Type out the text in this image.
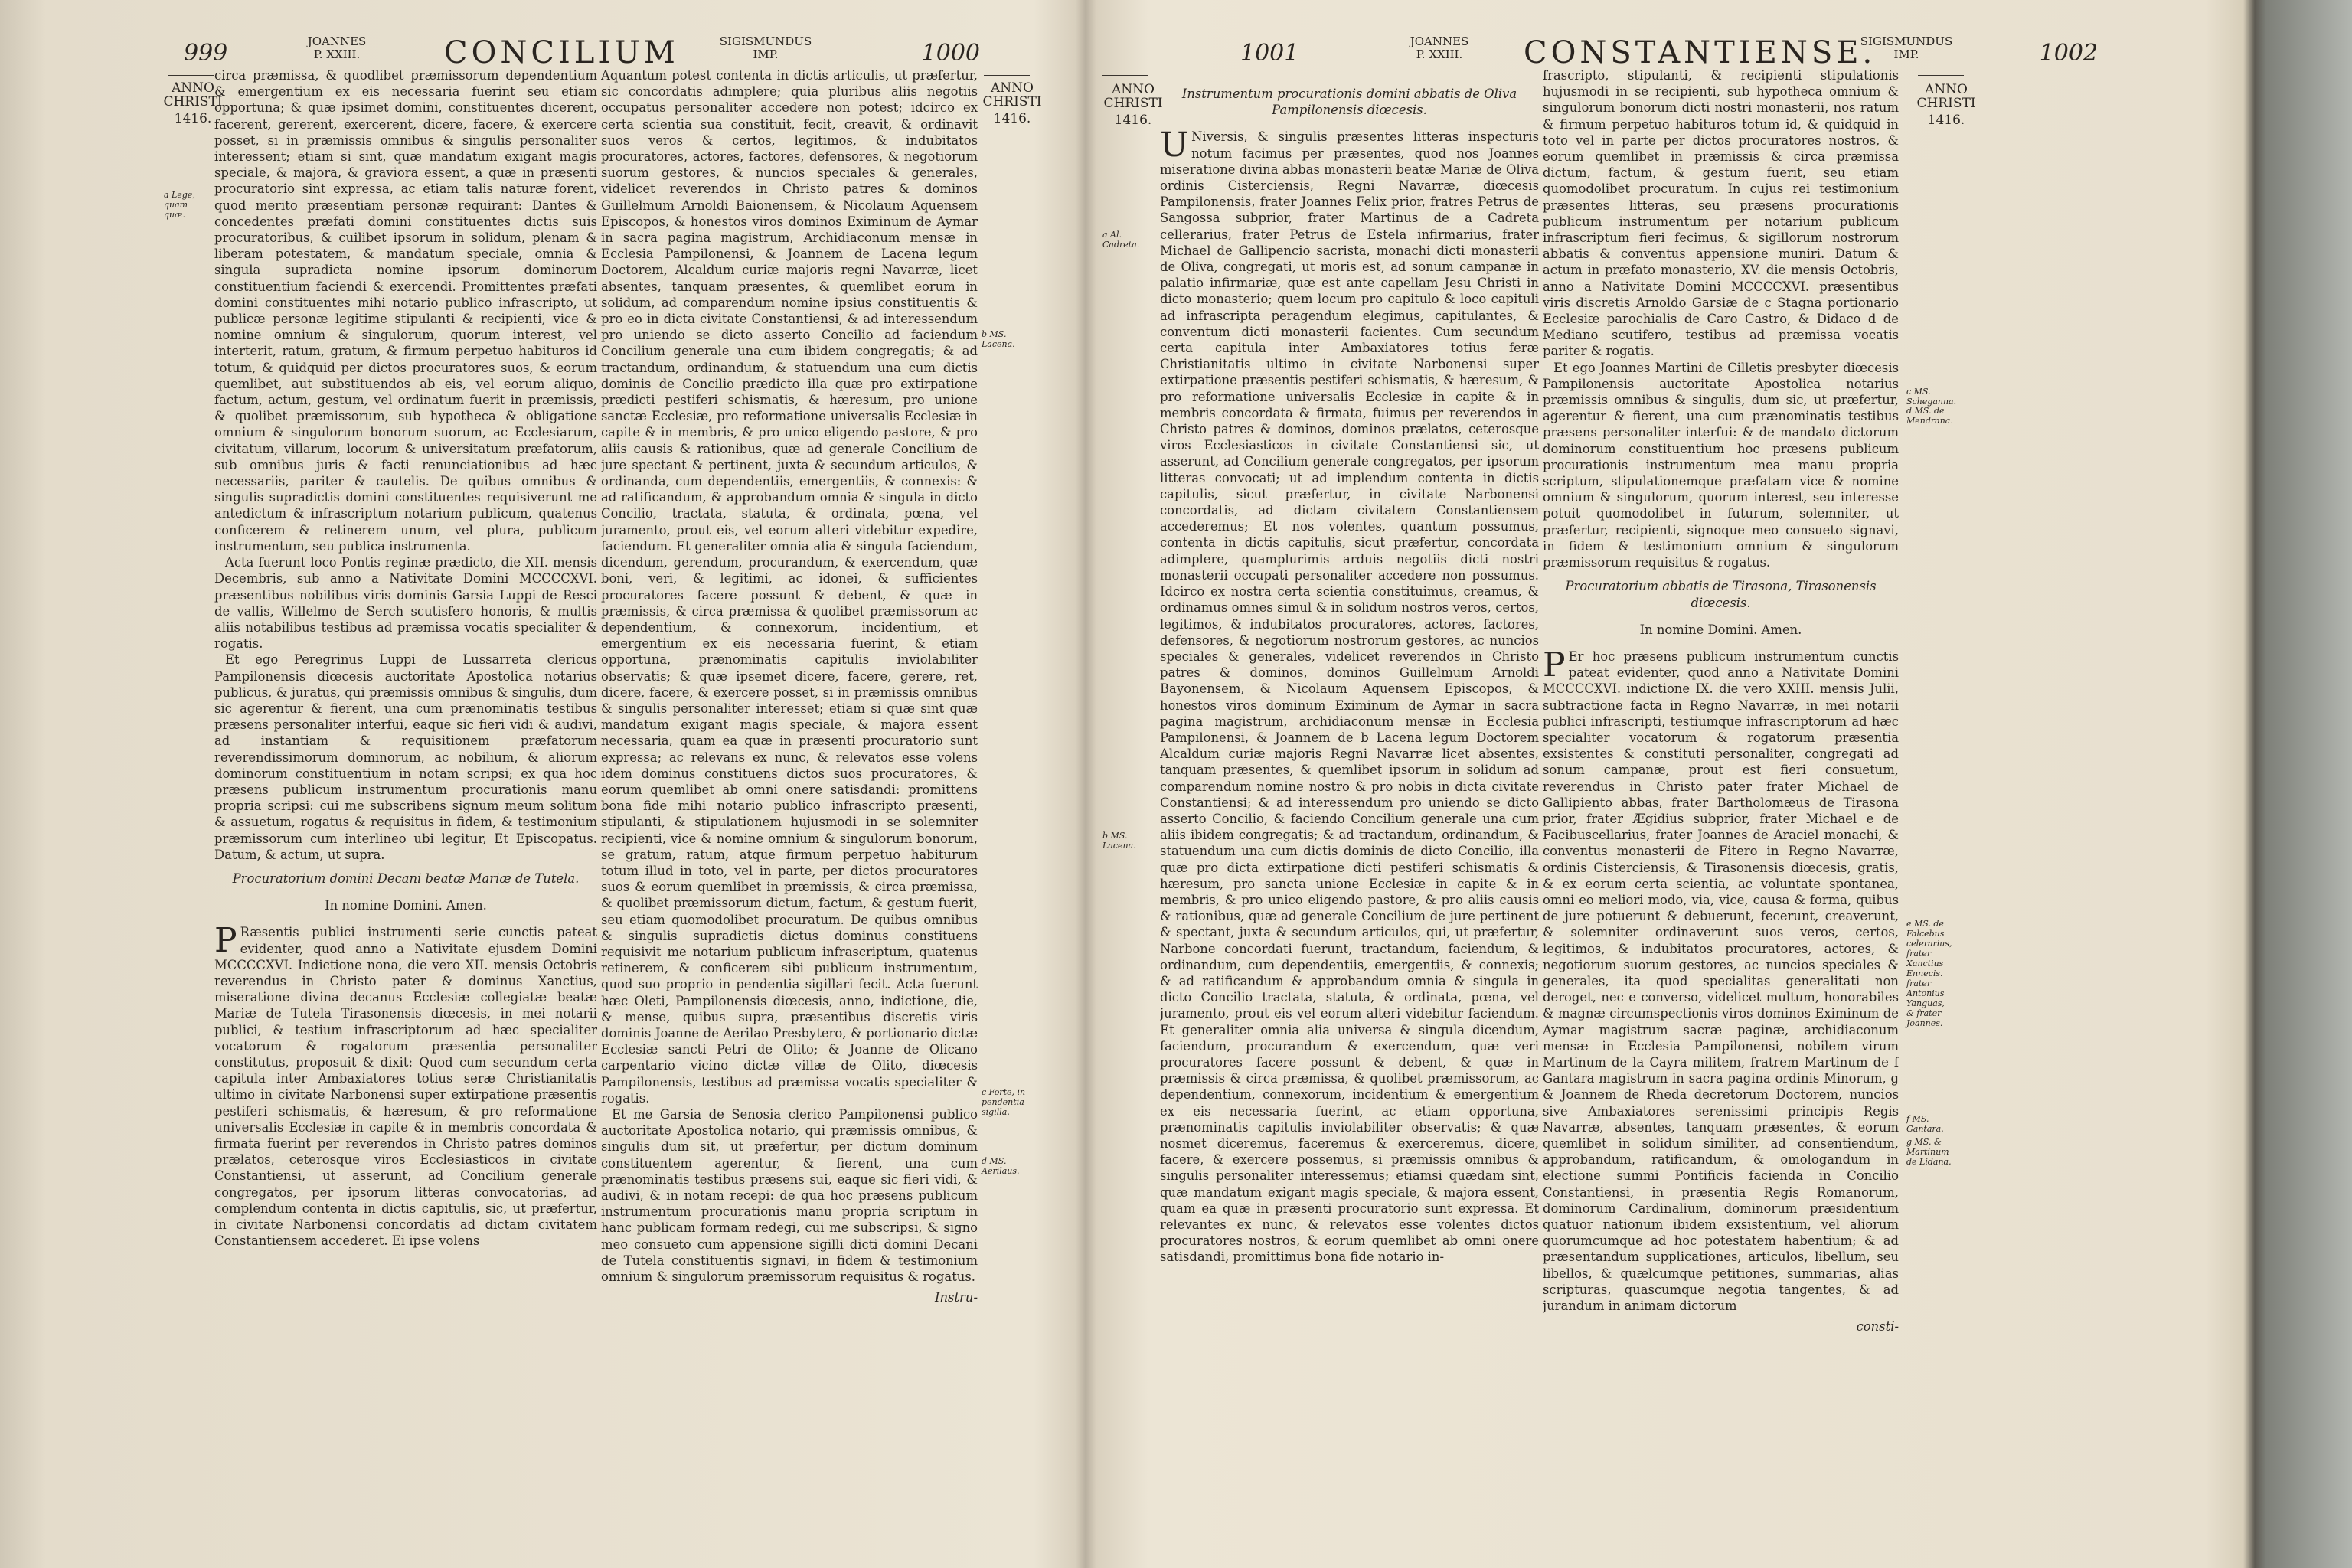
999	JOANNES
P. XXIII.	CONCILIUM	SIGISMUNDUS
IMP.	1000
ANNO
CHRISTI
1416.
ANNO
CHRISTI
1416.
a Lege, quam quæ.
b MS. Lacena.
c Forte, in pendentia sigilla.
d MS. Aerilaus.

circa præmissa, & quodlibet præmissorum dependentium & emergentium ex eis necessaria fuerint seu etiam opportuna; & quæ ipsimet domini, constituentes dicerent, facerent, gererent, exercerent, dicere, facere, & exercere posset, si in præmissis omnibus & singulis personaliter interessent; etiam si sint, quæ mandatum exigant magis speciale, & majora, & graviora essent, a quæ in præsenti procuratorio sint expressa, ac etiam talis naturæ forent, quod merito præsentiam personæ requirant: Dantes & concedentes præfati domini constituentes dictis suis procuratoribus, & cuilibet ipsorum in solidum, plenam & liberam potestatem, & mandatum speciale, omnia & singula supradicta nomine ipsorum dominorum constituentium faciendi & exercendi. Promittentes præfati domini constituentes mihi notario publico infrascripto, ut publicæ personæ legitime stipulanti & recipienti, vice & nomine omnium & singulorum, quorum interest, vel interterit, ratum, gratum, & firmum perpetuo habituros id totum, & quidquid per dictos procuratores suos, & eorum quemlibet, aut substituendos ab eis, vel eorum aliquo, factum, actum, gestum, vel ordinatum fuerit in præmissis, & quolibet præmissorum, sub hypotheca & obligatione omnium & singulorum bonorum suorum, ac Ecclesiarum, civitatum, villarum, locorum & universitatum præfatorum, sub omnibus juris & facti renunciationibus ad hæc necessariis, pariter & cautelis. De quibus omnibus & singulis supradictis domini constituentes requisiverunt me antedictum & infrascriptum notarium publicum, quatenus conficerem & retinerem unum, vel plura, publicum instrumentum, seu publica instrumenta.

Acta fuerunt loco Pontis reginæ prædicto, die XII. mensis Decembris, sub anno a Nativitate Domini MCCCCXVI. præsentibus nobilibus viris dominis Garsia Luppi de Resci de vallis, Willelmo de Serch scutisfero honoris, & multis aliis notabilibus testibus ad præmissa vocatis specialiter & rogatis.

Et ego Peregrinus Luppi de Lussarreta clericus Pampilonensis diœcesis auctoritate Apostolica notarius publicus, & juratus, qui præmissis omnibus & singulis, dum sic agerentur & fierent, una cum prænominatis testibus præsens personaliter interfui, eaque sic fieri vidi & audivi, ad instantiam & requisitionem præfatorum reverendissimorum dominorum, ac nobilium, & aliorum dominorum constituentium in notam scripsi; ex qua hoc præsens publicum instrumentum procurationis manu propria scripsi: cui me subscribens signum meum solitum & assuetum, rogatus & requisitus in fidem, & testimonium præmissorum cum interlineo ubi legitur, Et Episcopatus. Datum, & actum, ut supra.

Procuratorium domini Decani beatæ Mariæ de Tutela.
In nomine Domini. Amen.

P Ræsentis publici instrumenti serie cunctis pateat evidenter, quod anno a Nativitate ejusdem Domini MCCCCXVI. Indictione nona, die vero XII. mensis Octobris reverendus in Christo pater & dominus Xanctius, miseratione divina decanus Ecclesiæ collegiatæ beatæ Mariæ de Tutela Tirasonensis diœcesis, in mei notarii publici, & testium infrascriptorum ad hæc specialiter vocatorum & rogatorum præsentia personaliter constitutus, proposuit & dixit: Quod cum secundum certa capitula inter Ambaxiatores totius seræ Christianitatis ultimo in civitate Narbonensi super extirpatione præsentis pestiferi schismatis, & hæresum, & pro reformatione universalis Ecclesiæ in capite & in membris concordata & firmata fuerint per reverendos in Christo patres dominos prælatos, ceterosque viros Ecclesiasticos in civitate Constantiensi, ut asserunt, ad Concilium generale congregatos, per ipsorum litteras convocatorias, ad complendum contenta in dictis capitulis, sic, ut præfertur, in civitate Narbonensi concordatis ad dictam civitatem Constantiensem accederet. Ei ipse volens

Aquantum potest contenta in dictis articulis, ut præfertur, sic concordatis adimplere; quia pluribus aliis negotiis occupatus personaliter accedere non potest; idcirco ex certa scientia sua constituit, fecit, creavit, & ordinavit suos veros & certos, legitimos, & indubitatos procuratores, actores, factores, defensores, & negotiorum suorum gestores, & nuncios speciales & generales, videlicet reverendos in Christo patres & dominos Guillelmum Arnoldi Baionensem, & Nicolaum Aquensem Episcopos, & honestos viros dominos Eximinum de Aymar in sacra pagina magistrum, Archidiaconum mensæ in Ecclesia Pampilonensi, & Joannem de Lacena legum Doctorem, Alcaldum curiæ majoris regni Navarræ, licet absentes, tanquam præsentes, & quemlibet eorum in solidum, ad comparendum nomine ipsius constituentis & pro eo in dicta civitate Constantiensi, & ad interessendum pro uniendo se dicto asserto Concilio ad faciendum Concilium generale una cum ibidem congregatis; & ad tractandum, ordinandum, & statuendum una cum dictis dominis de Concilio prædicto illa quæ pro extirpatione prædicti pestiferi schismatis, & hæresum, pro unione sanctæ Ecclesiæ, pro reformatione universalis Ecclesiæ in capite & in membris, & pro unico eligendo pastore, & pro aliis causis & rationibus, quæ ad generale Concilium de jure spectant & pertinent, juxta & secundum articulos, & ordinanda, cum dependentiis, emergentiis, & connexis: & ad ratificandum, & approbandum omnia & singula in dicto Concilio, tractata, statuta, & ordinata, pœna, vel juramento, prout eis, vel eorum alteri videbitur expedire, faciendum. Et generaliter omnia alia & singula faciendum, dicendum, gerendum, procurandum, & exercendum, quæ boni, veri, & legitimi, ac idonei, & sufficientes procuratores facere possunt & debent, & quæ in præmissis, & circa præmissa & quolibet præmissorum ac dependentium, & connexorum, incidentium, et emergentium ex eis necessaria fuerint, & etiam opportuna, prænominatis capitulis inviolabiliter observatis; & quæ ipsemet dicere, facere, gerere, ret, dicere, facere, & exercere posset, si in præmissis omnibus & singulis personaliter interesset; etiam si quæ sint quæ mandatum exigant magis speciale, & majora essent necessaria, quam ea quæ in præsenti procuratorio sunt expressa; ac relevans ex nunc, & relevatos esse volens idem dominus constituens dictos suos procuratores, & eorum quemlibet ab omni onere satisdandi: promittens bona fide mihi notario publico infrascripto præsenti, stipulanti, & stipulationem hujusmodi in se solemniter recipienti, vice & nomine omnium & singulorum bonorum, se gratum, ratum, atque firmum perpetuo habiturum totum illud in toto, vel in parte, per dictos procuratores suos & eorum quemlibet in præmissis, & circa præmissa, & quolibet præmissorum dictum, factum, & gestum fuerit, seu etiam quomodolibet procuratum. De quibus omnibus & singulis supradictis dictus dominus constituens requisivit me notarium publicum infrascriptum, quatenus retinerem, & conficerem sibi publicum instrumentum, quod suo proprio in pendentia sigillari fecit. Acta fuerunt hæc Oleti, Pampilonensis diœcesis, anno, indictione, die, & mense, quibus supra, præsentibus discretis viris dominis Joanne de Aerilao Presbytero, & portionario dictæ Ecclesiæ sancti Petri de Olito; & Joanne de Olicano carpentario vicino dictæ villæ de Olito, diœcesis Pampilonensis, testibus ad præmissa vocatis specialiter & rogatis.

Et me Garsia de Senosia clerico Pampilonensi publico auctoritate Apostolica notario, qui præmissis omnibus, & singulis dum sit, ut præfertur, per dictum dominum constituentem agerentur, & fierent, una cum prænominatis testibus præsens sui, eaque sic fieri vidi, & audivi, & in notam recepi: de qua hoc præsens publicum instrumentum procurationis manu propria scriptum in hanc publicam formam redegi, cui me subscripsi, & signo meo consueto cum appensione sigilli dicti domini Decani de Tutela constituentis signavi, in fidem & testimonium omnium & singulorum præmissorum requisitus & rogatus.

Instru-
1001	JOANNES
P. XXIII.	CONSTANTIENSE.
SIGISMUNDUS
IMP.	1002
ANNO
CHRISTI
1416.
ANNO
CHRISTI
1416.
a Al. Cadreta.
b MS. Lacena.
c MS. Scheganna.
d MS. de Mendrana.
e MS. de Falcebus celerarius, frater Xanctius Ennecis. frater Antonius Yanguas, & frater Joannes.
f MS. Gantara.
g MS. & Martinum de Lidana.
Instrumentum procurationis domini abbatis de Oliva Pampilonensis diœcesis.

U Niversis, & singulis præsentes litteras inspecturis notum facimus per præsentes, quod nos Joannes miseratione divina abbas monasterii beatæ Mariæ de Oliva ordinis Cisterciensis, Regni Navarræ, diœcesis Pampilonensis, frater Joannes Felix prior, fratres Petrus de Sangossa subprior, frater Martinus de a Cadreta cellerarius, frater Petrus de Estela infirmarius, frater Michael de Gallipencio sacrista, monachi dicti monasterii de Oliva, congregati, ut moris est, ad sonum campanæ in palatio infirmariæ, quæ est ante capellam Jesu Christi in dicto monasterio; quem locum pro capitulo & loco capituli ad infrascripta peragendum elegimus, capitulantes, & conventum dicti monasterii facientes. Cum secundum certa capitula inter Ambaxiatores totius feræ Christianitatis ultimo in civitate Narbonensi super extirpatione præsentis pestiferi schismatis, & hæresum, & pro reformatione universalis Ecclesiæ in capite & in membris concordata & firmata, fuimus per reverendos in Christo patres & dominos, dominos prælatos, ceterosque viros Ecclesiasticos in civitate Constantiensi sic, ut asserunt, ad Concilium generale congregatos, per ipsorum litteras convocati; ut ad implendum contenta in dictis capitulis, sicut præfertur, in civitate Narbonensi concordatis, ad dictam civitatem Constantiensem accederemus; Et nos volentes, quantum possumus, contenta in dictis capitulis, sicut præfertur, concordata adimplere, quamplurimis arduis negotiis dicti nostri monasterii occupati personaliter accedere non possumus. Idcirco ex nostra certa scientia constituimus, creamus, & ordinamus omnes simul & in solidum nostros veros, certos, legitimos, & indubitatos procuratores, actores, factores, defensores, & negotiorum nostrorum gestores, ac nuncios speciales & generales, videlicet reverendos in Christo patres & dominos, dominos Guillelmum Arnoldi Bayonensem, & Nicolaum Aquensem Episcopos, & honestos viros dominum Eximinum de Aymar in sacra pagina magistrum, archidiaconum mensæ in Ecclesia Pampilonensi, & Joannem de b Lacena legum Doctorem Alcaldum curiæ majoris Regni Navarræ licet absentes, tanquam præsentes, & quemlibet ipsorum in solidum ad comparendum nomine nostro & pro nobis in dicta civitate Constantiensi; & ad interessendum pro uniendo se dicto asserto Concilio, & faciendo Concilium generale una cum aliis ibidem congregatis; & ad tractandum, ordinandum, & statuendum una cum dictis dominis de dicto Concilio, illa quæ pro dicta extirpatione dicti pestiferi schismatis & hæresum, pro sancta unione Ecclesiæ in capite & in membris, & pro unico eligendo pastore, & pro aliis causis & rationibus, quæ ad generale Concilium de jure pertinent & spectant, juxta & secundum articulos, qui, ut præfertur, Narbone concordati fuerunt, tractandum, faciendum, & ordinandum, cum dependentiis, emergentiis, & connexis; & ad ratificandum & approbandum omnia & singula in dicto Concilio tractata, statuta, & ordinata, pœna, vel juramento, prout eis vel eorum alteri videbitur faciendum. Et generaliter omnia alia universa & singula dicendum, faciendum, procurandum & exercendum, quæ veri procuratores facere possunt & debent, & quæ in præmissis & circa præmissa, & quolibet præmissorum, ac dependentium, connexorum, incidentium & emergentium ex eis necessaria fuerint, ac etiam opportuna, prænominatis capitulis inviolabiliter observatis; & quæ nosmet diceremus, faceremus & exerceremus, dicere, facere, & exercere possemus, si præmissis omnibus & singulis personaliter interessemus; etiamsi quædam sint, quæ mandatum exigant magis speciale, & majora essent, quam ea quæ in præsenti procuratorio sunt expressa. Et relevantes ex nunc, & relevatos esse volentes dictos procuratores nostros, & eorum quemlibet ab omni onere satisdandi, promittimus bona fide notario in-

frascripto, stipulanti, & recipienti stipulationis hujusmodi in se recipienti, sub hypotheca omnium & singulorum bonorum dicti nostri monasterii, nos ratum & firmum perpetuo habituros totum id, & quidquid in toto vel in parte per dictos procuratores nostros, & eorum quemlibet in præmissis & circa præmissa dictum, factum, & gestum fuerit, seu etiam quomodolibet procuratum. In cujus rei testimonium præsentes litteras, seu præsens procurationis publicum instrumentum per notarium publicum infrascriptum fieri fecimus, & sigillorum nostrorum abbatis & conventus appensione muniri. Datum & actum in præfato monasterio, XV. die mensis Octobris, anno a Nativitate Domini MCCCCXVI. præsentibus viris discretis Arnoldo Garsiæ de c Stagna portionario Ecclesiæ parochialis de Caro Castro, & Didaco d de Mediano scutifero, testibus ad præmissa vocatis pariter & rogatis.

Et ego Joannes Martini de Cilletis presbyter diœcesis Pampilonensis auctoritate Apostolica notarius præmissis omnibus & singulis, dum sic, ut præfertur, agerentur & fierent, una cum prænominatis testibus præsens personaliter interfui: & de mandato dictorum dominorum constituentium hoc præsens publicum procurationis instrumentum mea manu propria scriptum, stipulationemque præfatam vice & nomine omnium & singulorum, quorum interest, seu interesse potuit quomodolibet in futurum, solemniter, ut præfertur, recipienti, signoque meo consueto signavi, in fidem & testimonium omnium & singulorum præmissorum requisitus & rogatus.

Procuratorium abbatis de Tirasona, Tirasonensis diœcesis.
In nomine Domini. Amen.

P Er hoc præsens publicum instrumentum cunctis pateat evidenter, quod anno a Nativitate Domini MCCCCXVI. indictione IX. die vero XXIII. mensis Julii, subtractione facta in Regno Navarræ, in mei notarii publici infrascripti, testiumque infrascriptorum ad hæc specialiter vocatorum & rogatorum præsentia exsistentes & constituti personaliter, congregati ad sonum campanæ, prout est fieri consuetum, reverendus in Christo pater frater Michael de Gallipiento abbas, frater Bartholomæus de Tirasona prior, frater Ægidius subprior, frater Michael e de Facibuscellarius, frater Joannes de Araciel monachi, & conventus monasterii de Fitero in Regno Navarræ, ordinis Cisterciensis, & Tirasonensis diœcesis, gratis, & ex eorum certa scientia, ac voluntate spontanea, omni eo meliori modo, via, vice, causa & forma, quibus de jure potuerunt & debuerunt, fecerunt, creaverunt, & solemniter ordinaverunt suos veros, certos, legitimos, & indubitatos procuratores, actores, & negotiorum suorum gestores, ac nuncios speciales & generales, ita quod specialitas generalitati non deroget, nec e converso, videlicet multum, honorabiles & magnæ circumspectionis viros dominos Eximinum de Aymar magistrum sacræ paginæ, archidiaconum mensæ in Ecclesia Pampilonensi, nobilem virum Martinum de la Cayra militem, fratrem Martinum de f Gantara magistrum in sacra pagina ordinis Minorum, g & Joannem de Rheda decretorum Doctorem, nuncios sive Ambaxiatores serenissimi principis Regis Navarræ, absentes, tanquam præsentes, & eorum quemlibet in solidum similiter, ad consentiendum, approbandum, ratificandum, & omologandum in electione summi Pontificis facienda in Concilio Constantiensi, in præsentia Regis Romanorum, dominorum Cardinalium, dominorum præsidentium quatuor nationum ibidem exsistentium, vel aliorum quorumcumque ad hoc potestatem habentium; & ad præsentandum supplicationes, articulos, libellum, seu libellos, & quælcumque petitiones, summarias, alias scripturas, quascumque negotia tangentes, & ad jurandum in animam dictorum

consti-
